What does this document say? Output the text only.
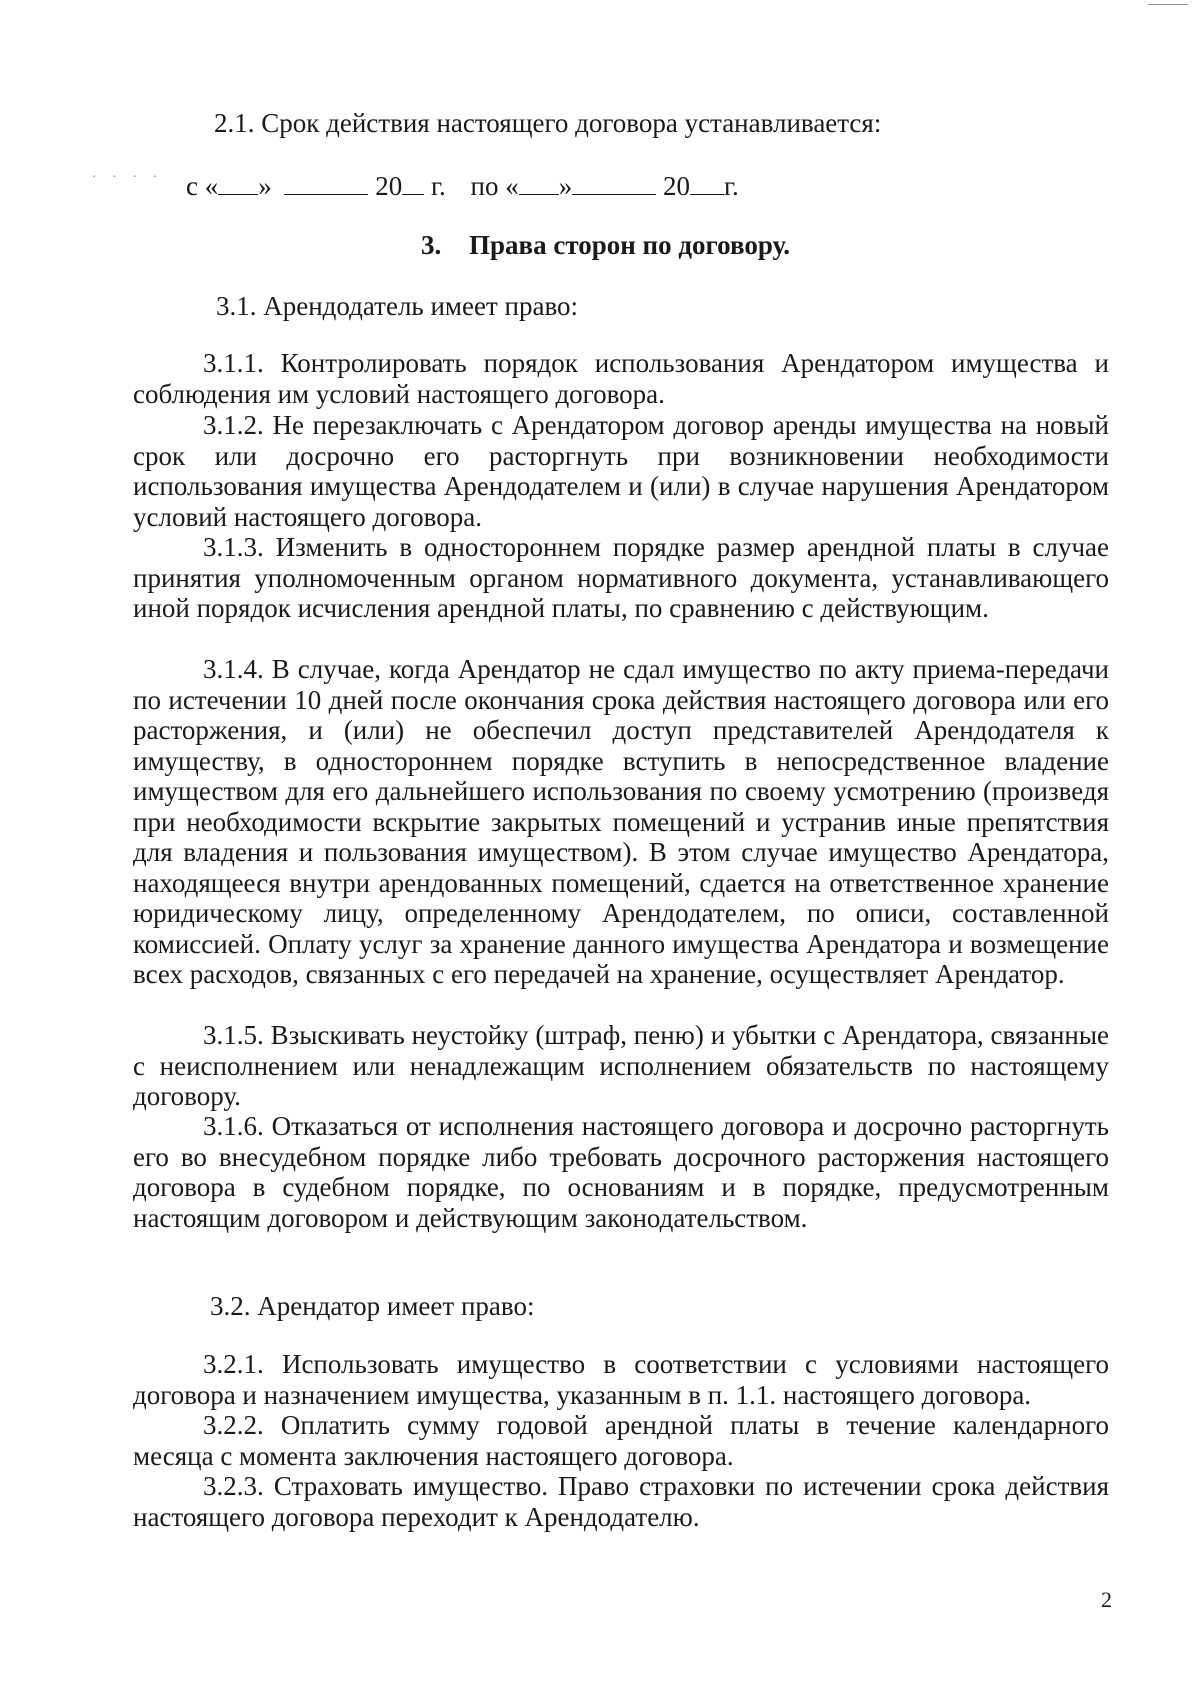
· · · ·
2.1. Срок действия настоящего договора устанавливается:
с « »	20 г. по « »	20 г.
3. Права сторон по договору.
3.1. Арендодатель имеет право:
3.1.1. Контролировать порядок использования Арендатором имущества и соблюдения им условий настоящего договора.
3.1.2. Не перезаключать с Арендатором договор аренды имущества на новый срок или досрочно его расторгнуть при возникновении необходимости использования имущества Арендодателем и (или) в случае нарушения Арендатором условий настоящего договора.
3.1.3. Изменить в одностороннем порядке размер арендной платы в случае принятия уполномоченным органом нормативного документа, устанавливающего иной порядок исчисления арендной платы, по сравнению с действующим.
3.1.4. В случае, когда Арендатор не сдал имущество по акту приема-передачи по истечении 10 дней после окончания срока действия настоящего договора или его расторжения, и (или) не обеспечил доступ представителей Арендодателя к имуществу, в одностороннем порядке вступить в непосредственное владение имуществом для его дальнейшего использования по своему усмотрению (произведя при необходимости вскрытие закрытых помещений и устранив иные препятствия для владения и пользования имуществом). В этом случае имущество Арендатора, находящееся внутри арендованных помещений, сдается на ответственное хранение юридическому лицу, определенному Арендодателем, по описи, составленной комиссией. Оплату услуг за хранение данного имущества Арендатора и возмещение всех расходов, связанных с его передачей на хранение, осуществляет Арендатор.
3.1.5. Взыскивать неустойку (штраф, пеню) и убытки с Арендатора, связанные с неисполнением или ненадлежащим исполнением обязательств по настоящему договору.
3.1.6. Отказаться от исполнения настоящего договора и досрочно расторгнуть его во внесудебном порядке либо требовать досрочного расторжения настоящего договора в судебном порядке, по основаниям и в порядке, предусмотренным настоящим договором и действующим законодательством.
3.2. Арендатор имеет право:
3.2.1. Использовать имущество в соответствии с условиями настоящего договора и назначением имущества, указанным в п. 1.1. настоящего договора.
3.2.2. Оплатить сумму годовой арендной платы в течение календарного месяца с момента заключения настоящего договора.
3.2.3. Страховать имущество. Право страховки по истечении срока действия настоящего договора переходит к Арендодателю.
2
